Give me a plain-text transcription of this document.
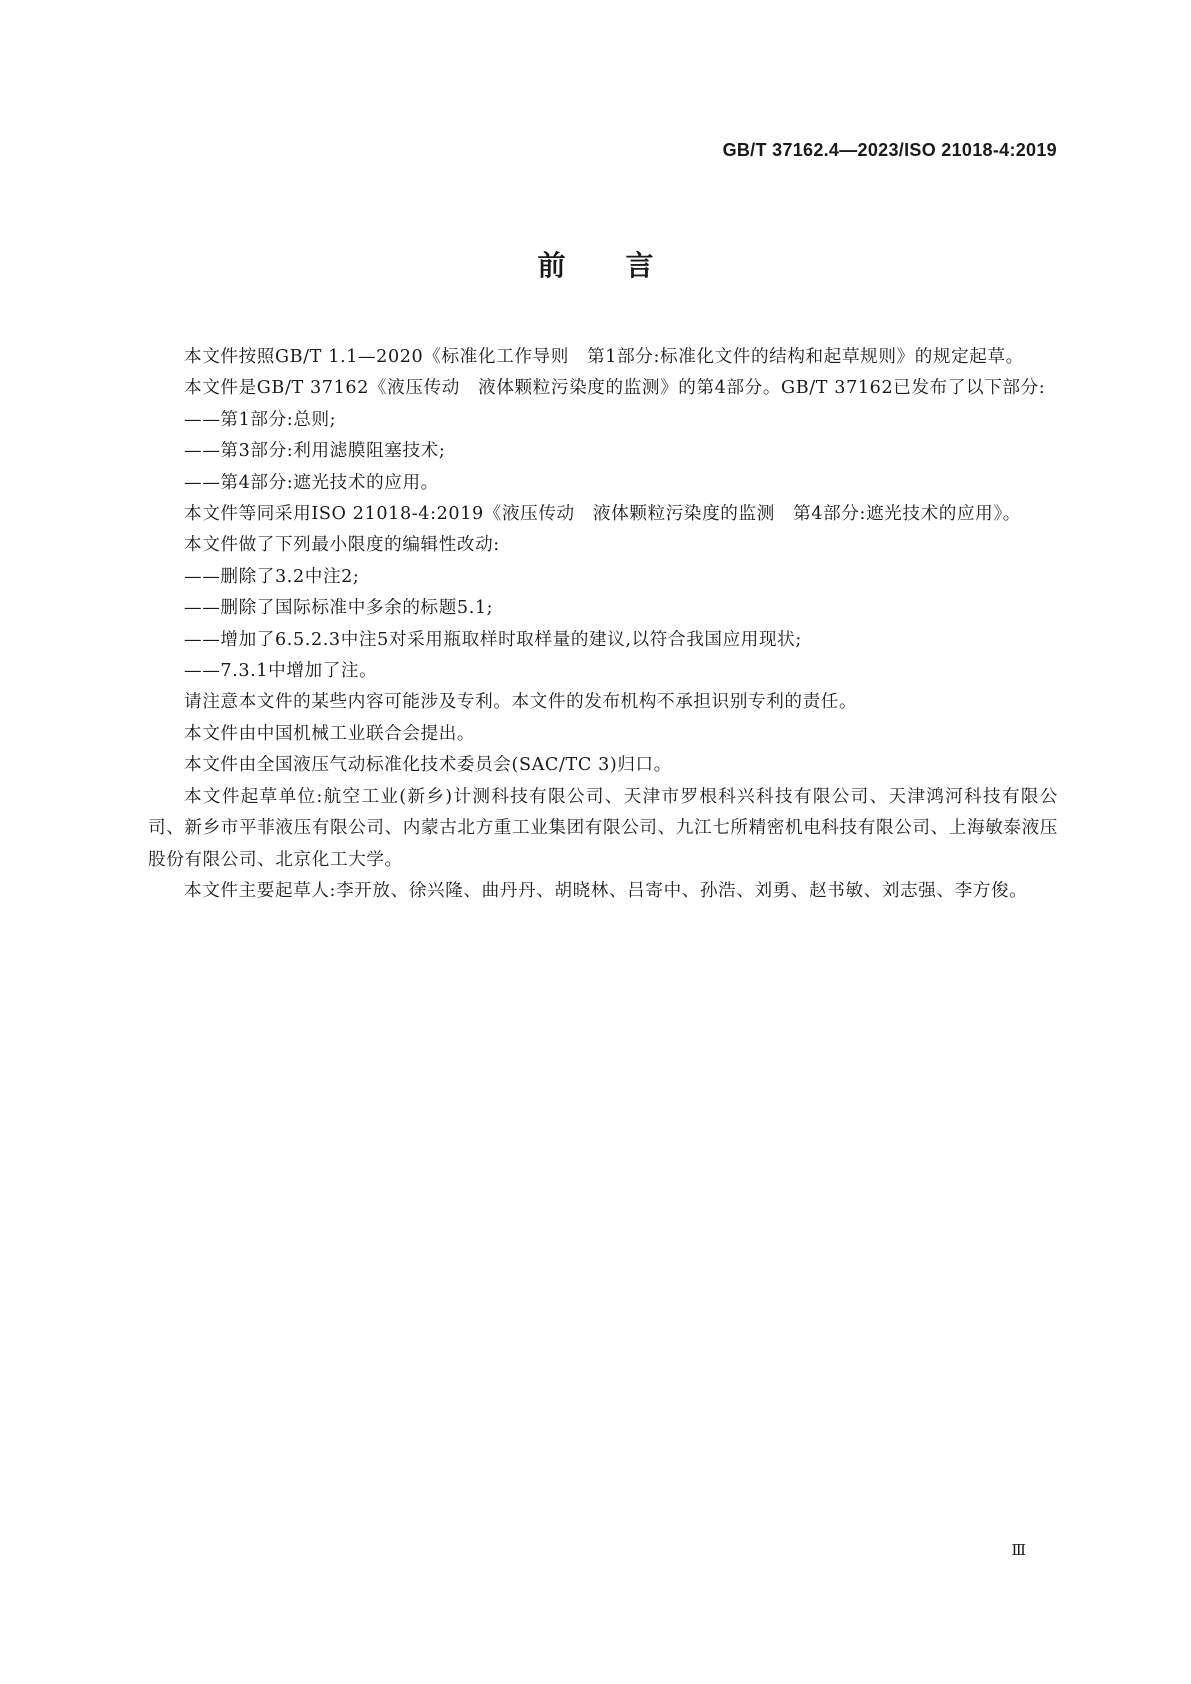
GB/T 37162.4—2023/ISO 21018-4:2019
前言

本文件按照GB/T 1.1—2020《标准化工作导则　第1部分:标准化文件的结构和起草规则》的规定起草。

本文件是GB/T 37162《液压传动　液体颗粒污染度的监测》的第4部分。GB/T 37162已发布了以下部分:

——第1部分:总则;

——第3部分:利用滤膜阻塞技术;

——第4部分:遮光技术的应用。

本文件等同采用ISO 21018-4:2019《液压传动　液体颗粒污染度的监测　第4部分:遮光技术的应用》。

本文件做了下列最小限度的编辑性改动:

——删除了3.2中注2;

——删除了国际标准中多余的标题5.1;

——增加了6.5.2.3中注5对采用瓶取样时取样量的建议,以符合我国应用现状;

——7.3.1中增加了注。

请注意本文件的某些内容可能涉及专利。本文件的发布机构不承担识别专利的责任。

本文件由中国机械工业联合会提出。

本文件由全国液压气动标准化技术委员会(SAC/TC 3)归口。

本文件起草单位:航空工业(新乡)计测科技有限公司、天津市罗根科兴科技有限公司、天津鸿河科技有限公司、新乡市平菲液压有限公司、内蒙古北方重工业集团有限公司、九江七所精密机电科技有限公司、上海敏泰液压股份有限公司、北京化工大学。

本文件主要起草人:李开放、徐兴隆、曲丹丹、胡晓林、吕寄中、孙浩、刘勇、赵书敏、刘志强、李方俊。

Ⅲ
